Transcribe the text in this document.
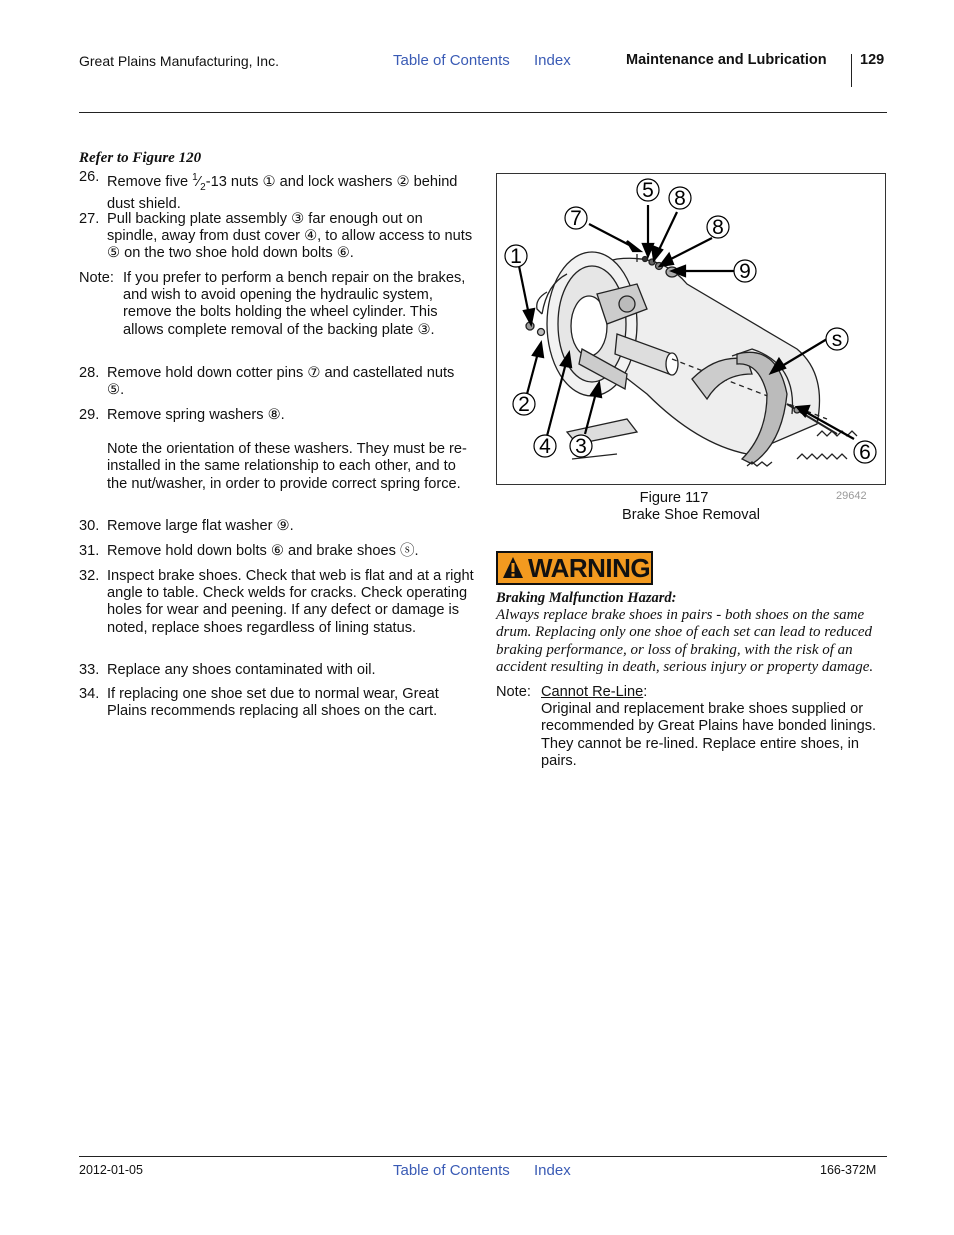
Great Plains Manufacturing, Inc.	Table of Contents Index	Maintenance and Lubrication 129
Refer to Figure 120
26. Remove five $^1⁄_2-13$ nuts ① and lock washers ② behind dust shield.
27. Pull backing plate assembly ③ far enough out on spindle, away from dust cover ④, to allow access to nuts ⑤ on the two shoe hold down bolts ⑥.
Note: If you prefer to perform a bench repair on the brakes, and wish to avoid opening the hydraulic system, remove the bolts holding the wheel cylinder. This allows complete removal of the backing plate ③.
28. Remove hold down cotter pins ⑦ and castellated nuts ⑤.
29. Remove spring washers ⑧.
Note the orientation of these washers. They must be re-installed in the same relationship to each other, and to the nut/washer, in order to provide correct spring force.
30. Remove large flat washer ⑨.
31. Remove hold down bolts ⑥ and brake shoes ⓢ.
32. Inspect brake shoes. Check that web is flat and at a right angle to table. Check welds for cracks. Check operating holes for wear and peening. If any defect or damage is noted, replace shoes regardless of lining status.
33. Replace any shoes contaminated with oil.
34. If replacing one shoe set due to normal wear, Great Plains recommends replacing all shoes on the cart.
5 8
7	8
1
9
s
2
4 3	6
29642
Figure 117
Brake Shoe Removal
WARNING
Braking Malfunction Hazard:
Always replace brake shoes in pairs - both shoes on the same drum. Replacing only one shoe of each set can lead to reduced braking performance, or loss of braking, with the risk of an accident resulting in death, serious injury or property damage.
Note: Cannot Re-Line:
Original and replacement brake shoes supplied or recommended by Great Plains have bonded linings. They cannot be re-lined. Replace entire shoes, in pairs.
2012-01-05	Table of Contents Index	166-372M
